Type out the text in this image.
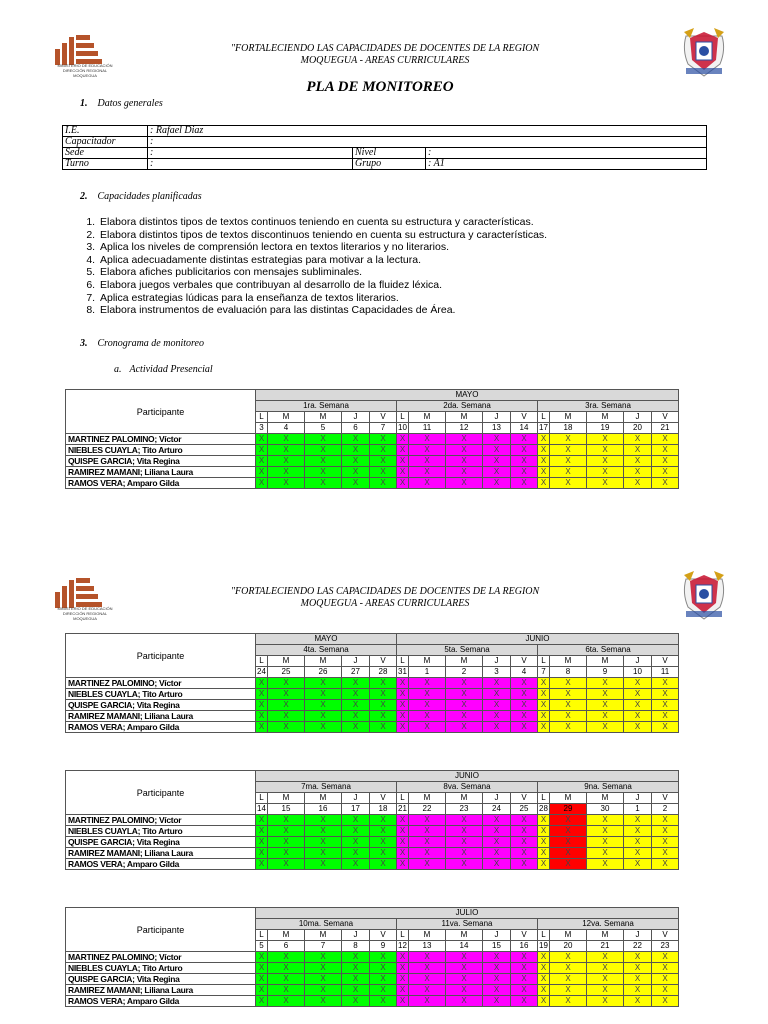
MINISTERIO DE EDUCACIÓN
DIRECCIÓN REGIONAL
MOQUEGUA
"FORTALECIENDO LAS CAPACIDADES DE DOCENTES DE LA REGION
MOQUEGUA - AREAS CURRICULARES
PLA DE MONITOREO
1. Datos generales
I.E.	: Rafael Diaz		
Capacitador	:		
Sede	:	Nivel	:
Turno	:	Grupo	: A1
2. Capacidades planificadas
1. Elabora distintos tipos de textos continuos teniendo en cuenta su estructura y características.
2. Elabora distintos tipos de textos discontinuos teniendo en cuenta su estructura y características.
3. Aplica los niveles de comprensión lectora en textos literarios y no literarios.
4. Aplica adecuadamente distintas estrategias para motivar a la lectura.
5. Elabora afiches publicitarios con mensajes subliminales.
6. Elabora juegos verbales que contribuyan al desarrollo de la fluidez léxica.
7. Aplica estrategias lúdicas para la enseñanza de textos literarios.
8. Elabora instrumentos de evaluación para las distintas Capacidades de Área.
3. Cronograma de monitoreo
a. Actividad Presencial
Participante	MAYO														
	1ra. Semana					2da. Semana					3ra. Semana				
	L	M	M	J	V	L	M	M	J	V	L	M	M	J	V
	3	4	5	6	7	10	11	12	13	14	17	18	19	20	21
MARTINEZ PALOMINO; Víctor	X	X	X	X	X	X	X	X	X	X	X	X	X	X	X
NIEBLES CUAYLA; Tito Arturo	X	X	X	X	X	X	X	X	X	X	X	X	X	X	X
QUISPE GARCIA; Vita Regina	X	X	X	X	X	X	X	X	X	X	X	X	X	X	X
RAMIREZ MAMANI; Liliana Laura	X	X	X	X	X	X	X	X	X	X	X	X	X	X	X
RAMOS VERA; Amparo Gilda	X	X	X	X	X	X	X	X	X	X	X	X	X	X	X
MINISTERIO DE EDUCACIÓN
DIRECCIÓN REGIONAL
MOQUEGUA
"FORTALECIENDO LAS CAPACIDADES DE DOCENTES DE LA REGION
MOQUEGUA - AREAS CURRICULARES
Participante	MAYO					JUNIO									
	4ta. Semana					5ta. Semana					6ta. Semana				
	L	M	M	J	V	L	M	M	J	V	L	M	M	J	V
	24	25	26	27	28	31	1	2	3	4	7	8	9	10	11
MARTINEZ PALOMINO; Víctor	X	X	X	X	X	X	X	X	X	X	X	X	X	X	X
NIEBLES CUAYLA; Tito Arturo	X	X	X	X	X	X	X	X	X	X	X	X	X	X	X
QUISPE GARCIA; Vita Regina	X	X	X	X	X	X	X	X	X	X	X	X	X	X	X
RAMIREZ MAMANI; Liliana Laura	X	X	X	X	X	X	X	X	X	X	X	X	X	X	X
RAMOS VERA; Amparo Gilda	X	X	X	X	X	X	X	X	X	X	X	X	X	X	X
Participante	JUNIO														
	7ma. Semana					8va. Semana					9na. Semana				
	L	M	M	J	V	L	M	M	J	V	L	M	M	J	V
	14	15	16	17	18	21	22	23	24	25	28	29	30	1	2
MARTINEZ PALOMINO; Víctor	X	X	X	X	X	X	X	X	X	X	X	X	X	X	X
NIEBLES CUAYLA; Tito Arturo	X	X	X	X	X	X	X	X	X	X	X	X	X	X	X
QUISPE GARCIA; Vita Regina	X	X	X	X	X	X	X	X	X	X	X	X	X	X	X
RAMIREZ MAMANI; Liliana Laura	X	X	X	X	X	X	X	X	X	X	X	X	X	X	X
RAMOS VERA; Amparo Gilda	X	X	X	X	X	X	X	X	X	X	X	X	X	X	X
Participante	JULIO														
	10ma. Semana					11va. Semana					12va. Semana				
	L	M	M	J	V	L	M	M	J	V	L	M	M	J	V
	5	6	7	8	9	12	13	14	15	16	19	20	21	22	23
MARTINEZ PALOMINO; Víctor	X	X	X	X	X	X	X	X	X	X	X	X	X	X	X
NIEBLES CUAYLA; Tito Arturo	X	X	X	X	X	X	X	X	X	X	X	X	X	X	X
QUISPE GARCIA; Vita Regina	X	X	X	X	X	X	X	X	X	X	X	X	X	X	X
RAMIREZ MAMANI; Liliana Laura	X	X	X	X	X	X	X	X	X	X	X	X	X	X	X
RAMOS VERA; Amparo Gilda	X	X	X	X	X	X	X	X	X	X	X	X	X	X	X
